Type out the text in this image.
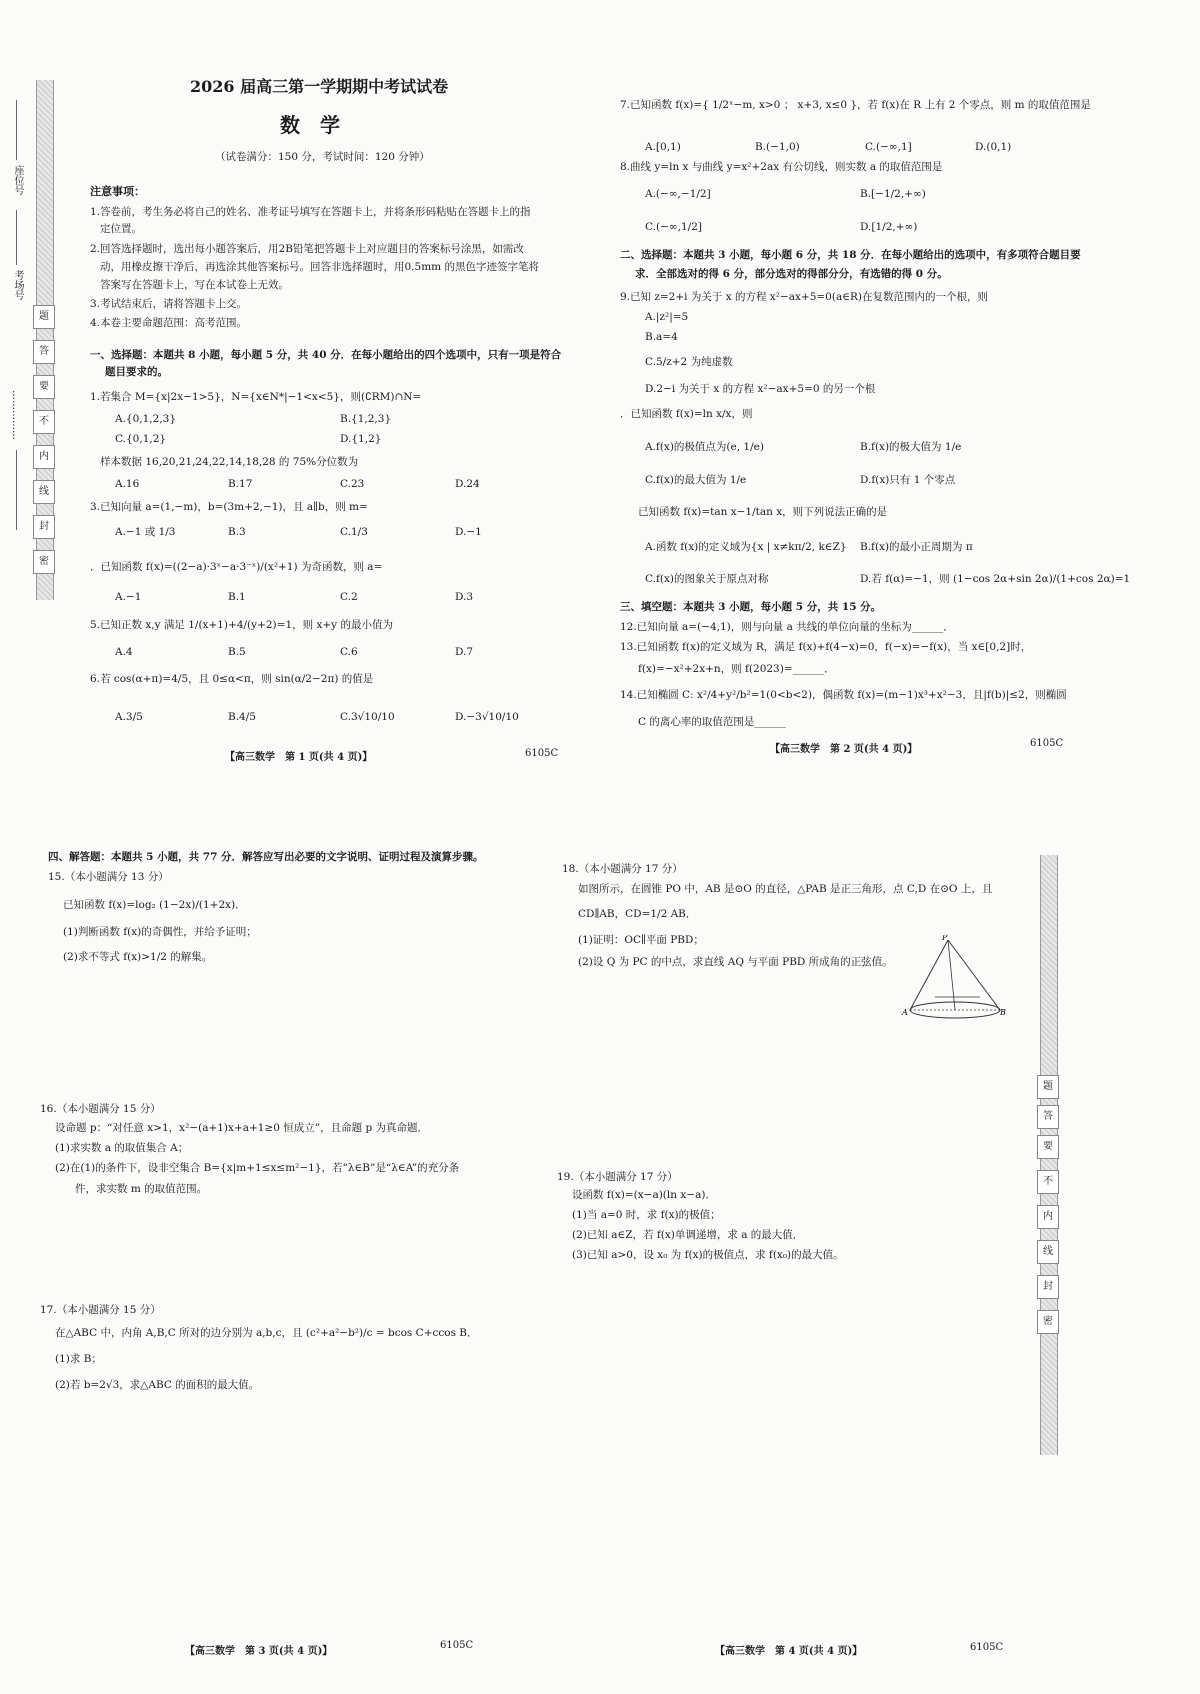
题
答
要
不
内
线
封
密
座位号
考场号
……………
2026 届高三第一学期期中考试试卷
数　学
（试卷满分：150 分，考试时间：120 分钟）
注意事项：
1.答卷前，考生务必将自己的姓名、准考证号填写在答题卡上，并将条形码粘贴在答题卡上的指
定位置。
2.回答选择题时，选出每小题答案后，用2B铅笔把答题卡上对应题目的答案标号涂黑，如需改
动，用橡皮擦干净后，再选涂其他答案标号。回答非选择题时，用0.5mm 的黑色字迹签字笔将
答案写在答题卡上，写在本试卷上无效。
3.考试结束后，请将答题卡上交。
4.本卷主要命题范围：高考范围。
一、选择题：本题共 8 小题，每小题 5 分，共 40 分．在每小题给出的四个选项中，只有一项是符合
题目要求的。
1.若集合 M={x|2x−1>5}，N={x∈N*|−1<x<5}，则(∁RM)∩N=
A.{0,1,2,3}	B.{1,2,3}
C.{0,1,2}	D.{1,2}
样本数据 16,20,21,24,22,14,18,28 的 75%分位数为
A.16	B.17	C.23	D.24
3.已知向量 a=(1,−m)，b=(3m+2,−1)，且 a∥b，则 m=
A.−1 或 1/3	B.3	C.1/3	D.−1
．已知函数 f(x)=((2−a)·3ˣ−a·3⁻ˣ)/(x²+1) 为奇函数，则 a=
A.−1	B.1	C.2	D.3
5.已知正数 x,y 满足 1/(x+1)+4/(y+2)=1，则 x+y 的最小值为
A.4	B.5	C.6	D.7
6.若 cos(α+π)=4/5，且 0≤α<π，则 sin(α/2−2π) 的值是
A.3/5	B.4/5	C.3√10/10	D.−3√10/10
【高三数学　第 1 页(共 4 页)】	6105C
7.已知函数 f(x)={ 1/2ˣ−m, x>0 ； x+3, x≤0 }，若 f(x)在 R 上有 2 个零点，则 m 的取值范围是
A.[0,1)	B.(−1,0)	C.(−∞,1]	D.(0,1)
8.曲线 y=ln x 与曲线 y=x²+2ax 有公切线，则实数 a 的取值范围是
A.(−∞,−1/2]	B.[−1/2,+∞)
C.(−∞,1/2]	D.[1/2,+∞)
二、选择题：本题共 3 小题，每小题 6 分，共 18 分．在每小题给出的选项中，有多项符合题目要
求．全部选对的得 6 分，部分选对的得部分分，有选错的得 0 分。
9.已知 z=2+i 为关于 x 的方程 x²−ax+5=0(a∈R)在复数范围内的一个根，则
A.|z²|=5
B.a=4
C.5/z+2 为纯虚数
D.2−i 为关于 x 的方程 x²−ax+5=0 的另一个根
．已知函数 f(x)=ln x/x，则
A.f(x)的极值点为(e, 1/e)	B.f(x)的极大值为 1/e
C.f(x)的最大值为 1/e	D.f(x)只有 1 个零点
已知函数 f(x)=tan x−1/tan x，则下列说法正确的是
A.函数 f(x)的定义域为{x | x≠kπ/2, k∈Z} B.f(x)的最小正周期为 π
C.f(x)的图象关于原点对称	D.若 f(α)=−1，则 (1−cos 2α+sin 2α)/(1+cos 2α)=1
三、填空题：本题共 3 小题，每小题 5 分，共 15 分。
12.已知向量 a=(−4,1)，则与向量 a 共线的单位向量的坐标为______．
13.已知函数 f(x)的定义域为 R，满足 f(x)+f(4−x)=0，f(−x)=−f(x)，当 x∈[0,2]时，
f(x)=−x²+2x+n，则 f(2023)=______．
14.已知椭圆 C: x²/4+y²/b²=1(0<b<2)，偶函数 f(x)=(m−1)x³+x²−3，且|f(b)|≤2，则椭圆
C 的离心率的取值范围是______
【高三数学　第 2 页(共 4 页)】
6105C
四、解答题：本题共 5 小题，共 77 分．解答应写出必要的文字说明、证明过程及演算步骤。
15.（本小题满分 13 分）
已知函数 f(x)=log₂ (1−2x)/(1+2x)．
(1)判断函数 f(x)的奇偶性，并给予证明；
(2)求不等式 f(x)>1/2 的解集。
16.（本小题满分 15 分）
设命题 p：“对任意 x>1，x²−(a+1)x+a+1≥0 恒成立”，且命题 p 为真命题．
(1)求实数 a 的取值集合 A；
(2)在(1)的条件下，设非空集合 B={x|m+1≤x≤m²−1}，若“λ∈B”是“λ∈A”的充分条
件，求实数 m 的取值范围。
17.（本小题满分 15 分）
在△ABC 中，内角 A,B,C 所对的边分别为 a,b,c，且 (c²+a²−b²)/c = bcos C+ccos B．
(1)求 B；
(2)若 b=2√3，求△ABC 的面积的最大值。
【高三数学　第 3 页(共 4 页)】
6105C
18.（本小题满分 17 分）
如图所示，在圆锥 PO 中，AB 是⊙O 的直径，△PAB 是正三角形，点 C,D 在⊙O 上，且
CD∥AB，CD=1/2 AB．
(1)证明：OC∥平面 PBD；
(2)设 Q 为 PC 的中点，求直线 AQ 与平面 PBD 所成角的正弦值。
P
A	B
19.（本小题满分 17 分）
设函数 f(x)=(x−a)(ln x−a)．
(1)当 a=0 时，求 f(x)的极值；
(2)已知 a∈Z，若 f(x)单调递增，求 a 的最大值．
(3)已知 a>0，设 x₀ 为 f(x)的极值点，求 f(x₀)的最大值。
【高三数学　第 4 页(共 4 页)】	6105C
题
答
要
不
内
线
封
密
